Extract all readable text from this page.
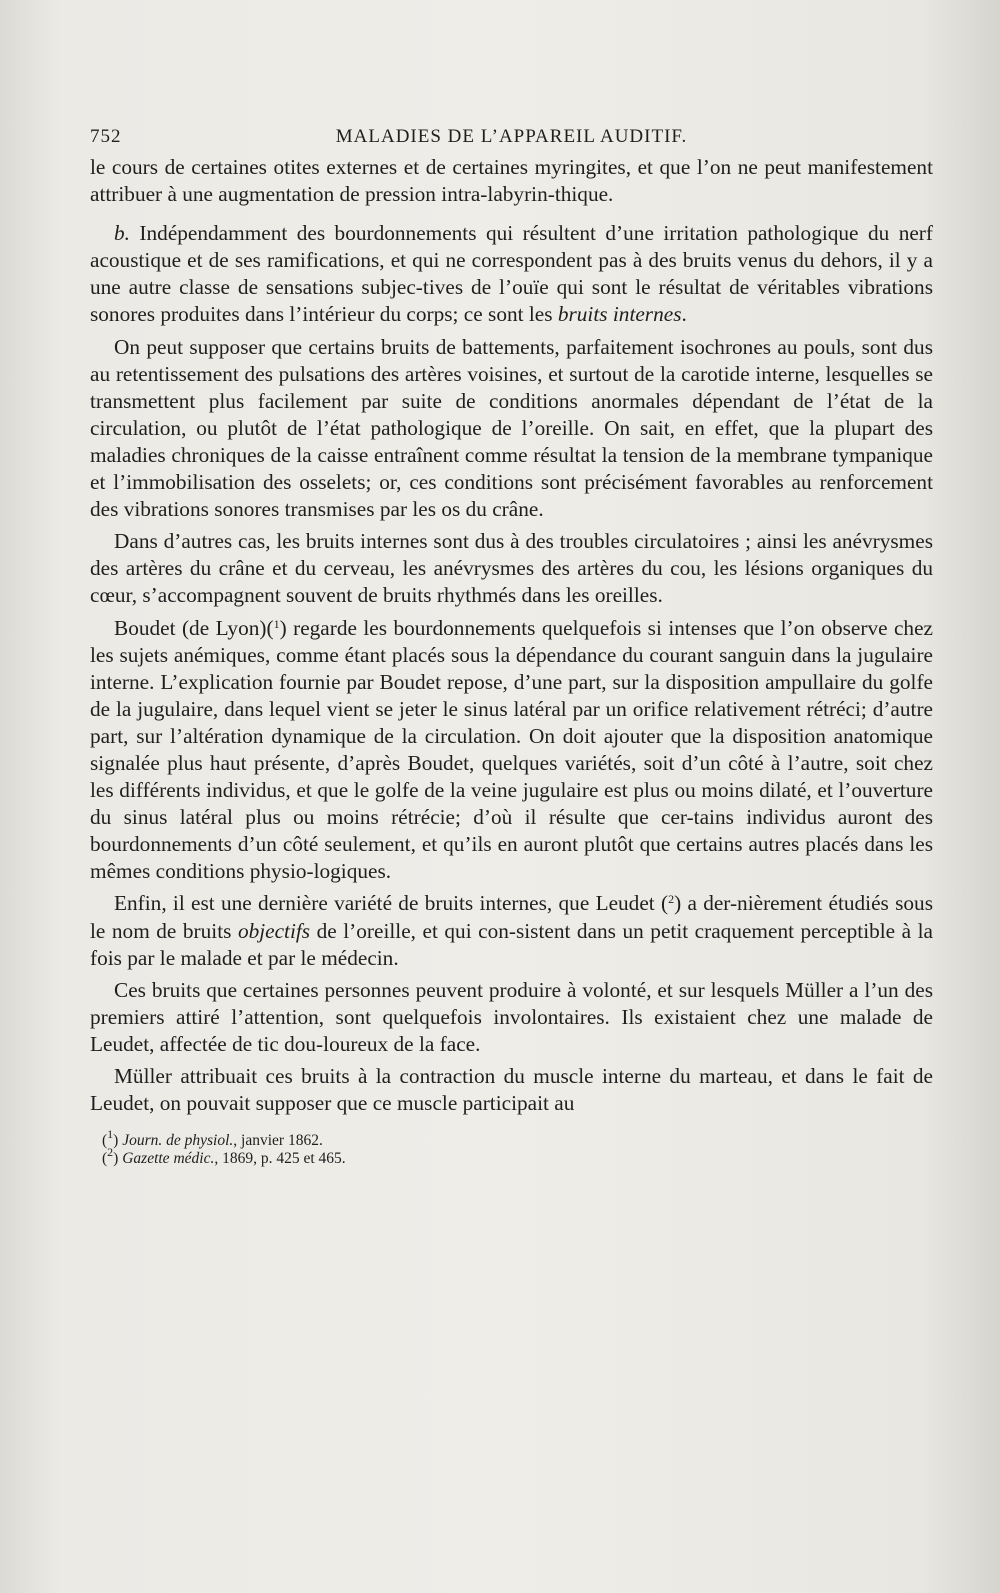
752	MALADIES DE L’APPAREIL AUDITIF.

le cours de certaines otites externes et de certaines myringites, et que l’on ne peut manifestement attribuer à une augmentation de pression intra-labyrin-thique.

b. Indépendamment des bourdonnements qui résultent d’une irritation pathologique du nerf acoustique et de ses ramifications, et qui ne correspondent pas à des bruits venus du dehors, il y a une autre classe de sensations subjec-tives de l’ouïe qui sont le résultat de véritables vibrations sonores produites dans l’intérieur du corps; ce sont les bruits internes.

On peut supposer que certains bruits de battements, parfaitement isochrones au pouls, sont dus au retentissement des pulsations des artères voisines, et surtout de la carotide interne, lesquelles se transmettent plus facilement par suite de conditions anormales dépendant de l’état de la circulation, ou plutôt de l’état pathologique de l’oreille. On sait, en effet, que la plupart des maladies chroniques de la caisse entraînent comme résultat la tension de la membrane tympanique et l’immobilisation des osselets; or, ces conditions sont précisément favorables au renforcement des vibrations sonores transmises par les os du crâne.

Dans d’autres cas, les bruits internes sont dus à des troubles circulatoires ; ainsi les anévrysmes des artères du crâne et du cerveau, les anévrysmes des artères du cou, les lésions organiques du cœur, s’accompagnent souvent de bruits rhythmés dans les oreilles.

Boudet (de Lyon)($^1$) regarde les bourdonnements quelquefois si intenses que l’on observe chez les sujets anémiques, comme étant placés sous la dépendance du courant sanguin dans la jugulaire interne. L’explication fournie par Boudet repose, d’une part, sur la disposition ampullaire du golfe de la jugulaire, dans lequel vient se jeter le sinus latéral par un orifice relativement rétréci; d’autre part, sur l’altération dynamique de la circulation. On doit ajouter que la disposition anatomique signalée plus haut présente, d’après Boudet, quelques variétés, soit d’un côté à l’autre, soit chez les différents individus, et que le golfe de la veine jugulaire est plus ou moins dilaté, et l’ouverture du sinus latéral plus ou moins rétrécie; d’où il résulte que cer-tains individus auront des bourdonnements d’un côté seulement, et qu’ils en auront plutôt que certains autres placés dans les mêmes conditions physio-logiques.

Enfin, il est une dernière variété de bruits internes, que Leudet ($^2$) a der-nièrement étudiés sous le nom de bruits objectifs de l’oreille, et qui con-sistent dans un petit craquement perceptible à la fois par le malade et par le médecin.

Ces bruits que certaines personnes peuvent produire à volonté, et sur lesquels Müller a l’un des premiers attiré l’attention, sont quelquefois involontaires. Ils existaient chez une malade de Leudet, affectée de tic dou-loureux de la face.

Müller attribuait ces bruits à la contraction du muscle interne du marteau, et dans le fait de Leudet, on pouvait supposer que ce muscle participait au

($^1$) Journ. de physiol., janvier 1862.
($^2$) Gazette médic., 1869, p. 425 et 465.
